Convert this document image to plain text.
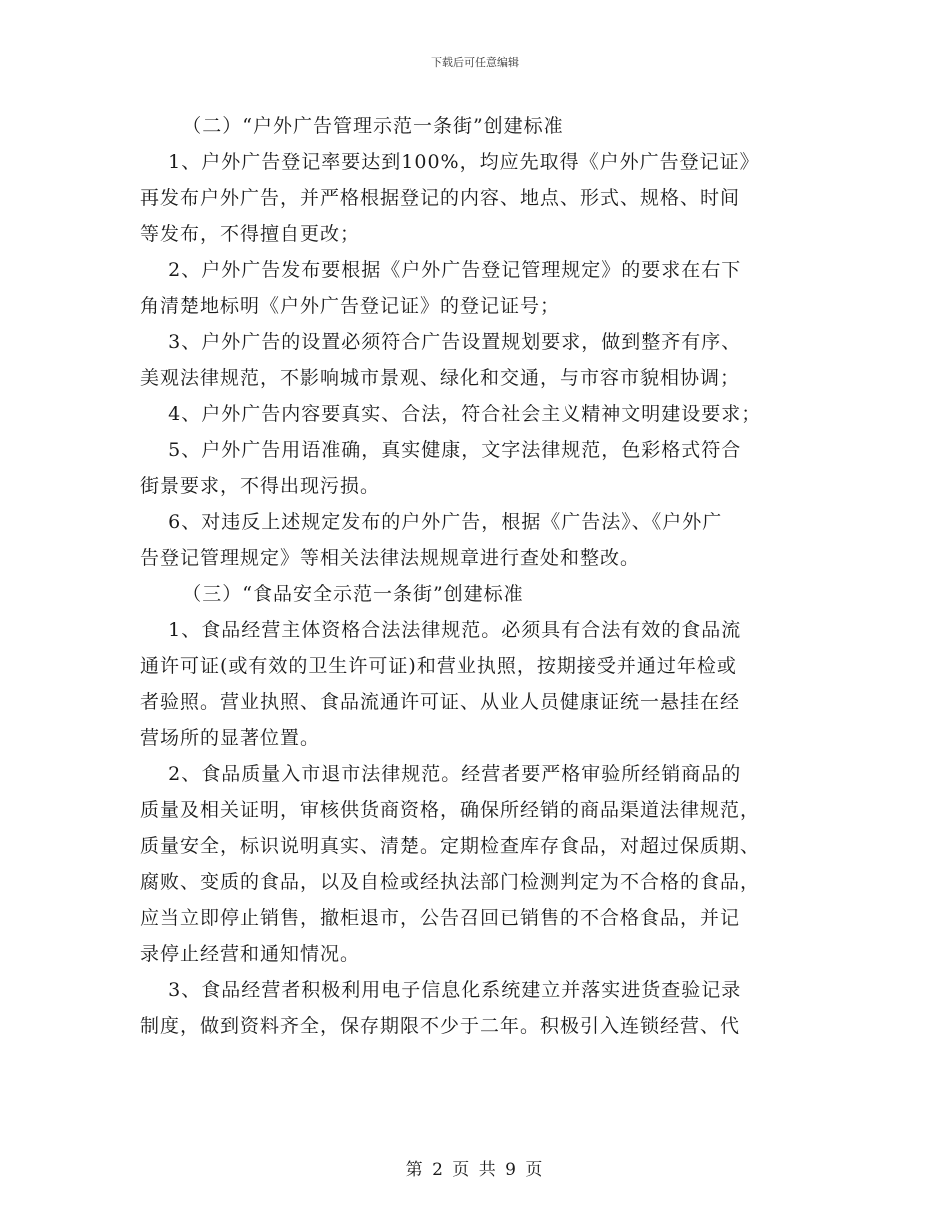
下载后可任意编辑

（二）“户外广告管理示范一条街”创建标准

1、户外广告登记率要达到100%，均应先取得《户外广告登记证》
再发布户外广告，并严格根据登记的内容、地点、形式、规格、时间
等发布，不得擅自更改；

2、户外广告发布要根据《户外广告登记管理规定》的要求在右下
角清楚地标明《户外广告登记证》的登记证号；

3、户外广告的设置必须符合广告设置规划要求，做到整齐有序、
美观法律规范，不影响城市景观、绿化和交通，与市容市貌相协调；

4、户外广告内容要真实、合法，符合社会主义精神文明建设要求；

5、户外广告用语准确，真实健康，文字法律规范，色彩格式符合
街景要求，不得出现污损。

6、对违反上述规定发布的户外广告，根据《广告法》、《户外广
告登记管理规定》等相关法律法规规章进行查处和整改。

（三）“食品安全示范一条街”创建标准

1、食品经营主体资格合法法律规范。必须具有合法有效的食品流
通许可证(或有效的卫生许可证)和营业执照，按期接受并通过年检或
者验照。营业执照、食品流通许可证、从业人员健康证统一悬挂在经
营场所的显著位置。

2、食品质量入市退市法律规范。经营者要严格审验所经销商品的
质量及相关证明，审核供货商资格，确保所经销的商品渠道法律规范，
质量安全，标识说明真实、清楚。定期检查库存食品，对超过保质期、
腐败、变质的食品，以及自检或经执法部门检测判定为不合格的食品，
应当立即停止销售，撤柜退市，公告召回已销售的不合格食品，并记
录停止经营和通知情况。

3、食品经营者积极利用电子信息化系统建立并落实进货查验记录
制度，做到资料齐全，保存期限不少于二年。积极引入连锁经营、代

第 2 页 共 9 页
